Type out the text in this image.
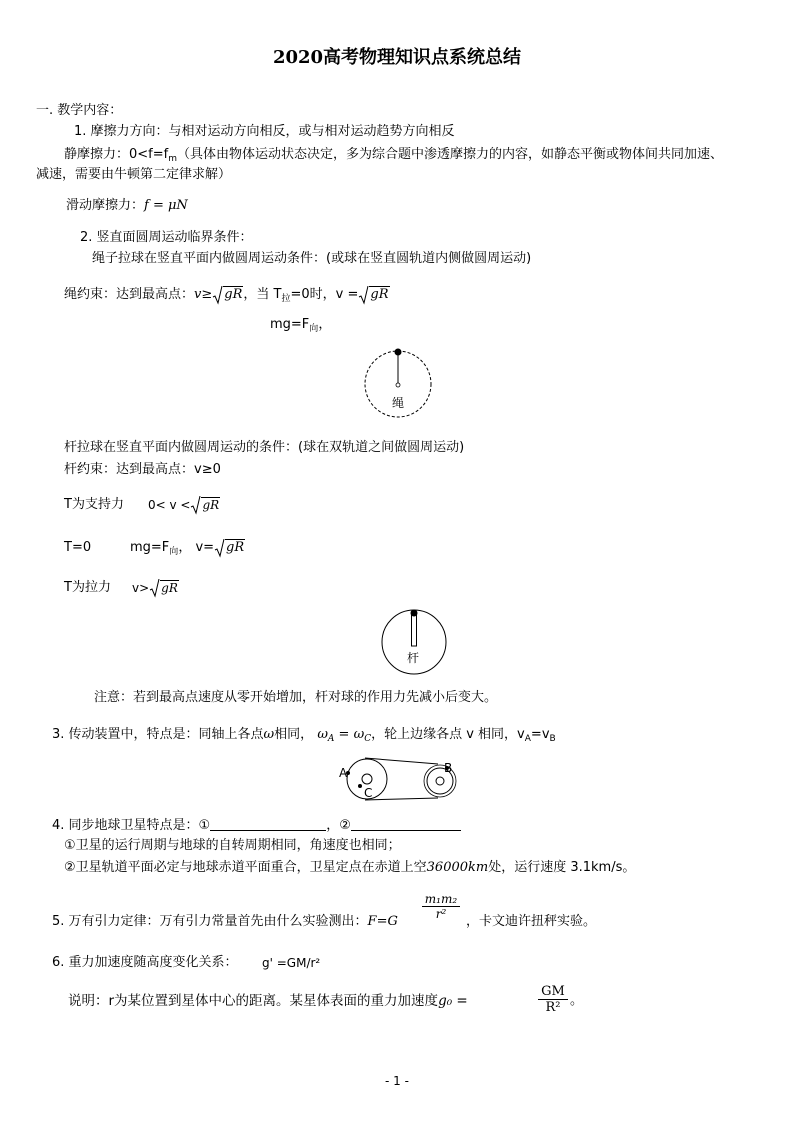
2020高考物理知识点系统总结
一. 教学内容：
1. 摩擦力方向：与相对运动方向相反，或与相对运动趋势方向相反
静摩擦力：$0<f=f_m$（具体由物体运动状态决定，多为综合题中渗透摩擦力的内容，如静态平衡或物体间共同加速、
减速，需要由牛顿第二定律求解）
滑动摩擦力：f = μN
2. 竖直面圆周运动临界条件：
绳子拉球在竖直平面内做圆周运动条件：(或球在竖直圆轨道内侧做圆周运动)
绳约束：达到最高点：v≥ gR，当 $T_拉=0$时，v = gR
$mg=F_向$，
绳
杆拉球在竖直平面内做圆周运动的条件：(球在双轨道之间做圆周运动)
杆约束：达到最高点：v≥0
T为支持力 0< v < gR
T=0	$mg=F_向$， v= gR
T为拉力 v> gR
杆
注意：若到最高点速度从零开始增加，杆对球的作用力先减小后变大。
3. 传动装置中，特点是：同轴上各点ω相同， $\omega_A = \omega_C$，轮上边缘各点 v 相同，$v_A=v_B$
A	B
C
4. 同步地球卫星特点是：①	，②
①卫星的运行周期与地球的自转周期相同，角速度也相同；
②卫星轨道平面必定与地球赤道平面重合，卫星定点在赤道上空36000km处，运行速度 3.1km/s。
5. 万有引力定律：万有引力常量首先由什么实验测出：F=G
m₁m₂
r²	，卡文迪许扭秤实验。
6. 重力加速度随高度变化关系： g' =GM/r²
说明：r为某位置到星体中心的距离。某星体表面的重力加速度g₀ =
GM
R² 。
- 1 -
